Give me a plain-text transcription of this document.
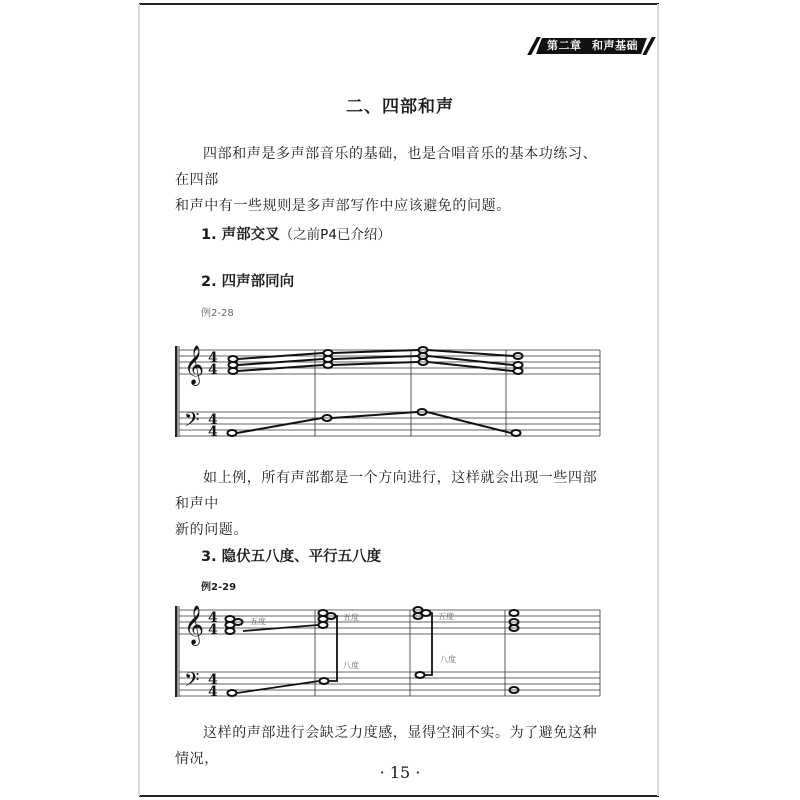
第二章 和声基础
二、四部和声
四部和声是多声部音乐的基础，也是合唱音乐的基本功练习、在四部
和声中有一些规则是多声部写作中应该避免的问题。
1. 声部交叉（之前P4已介绍）
2. 四声部同向
例2-28
𝄞
𝄢
4
4
4
4
如上例，所有声部都是一个方向进行，这样就会出现一些四部和声中
新的问题。
3. 隐伏五八度、平行五八度
例2-29
𝄞
𝄢
4
4
4
4
五度	五度	五度
八度
八度
这样的声部进行会缺乏力度感，显得空洞不实。为了避免这种情况，
· 15 ·
